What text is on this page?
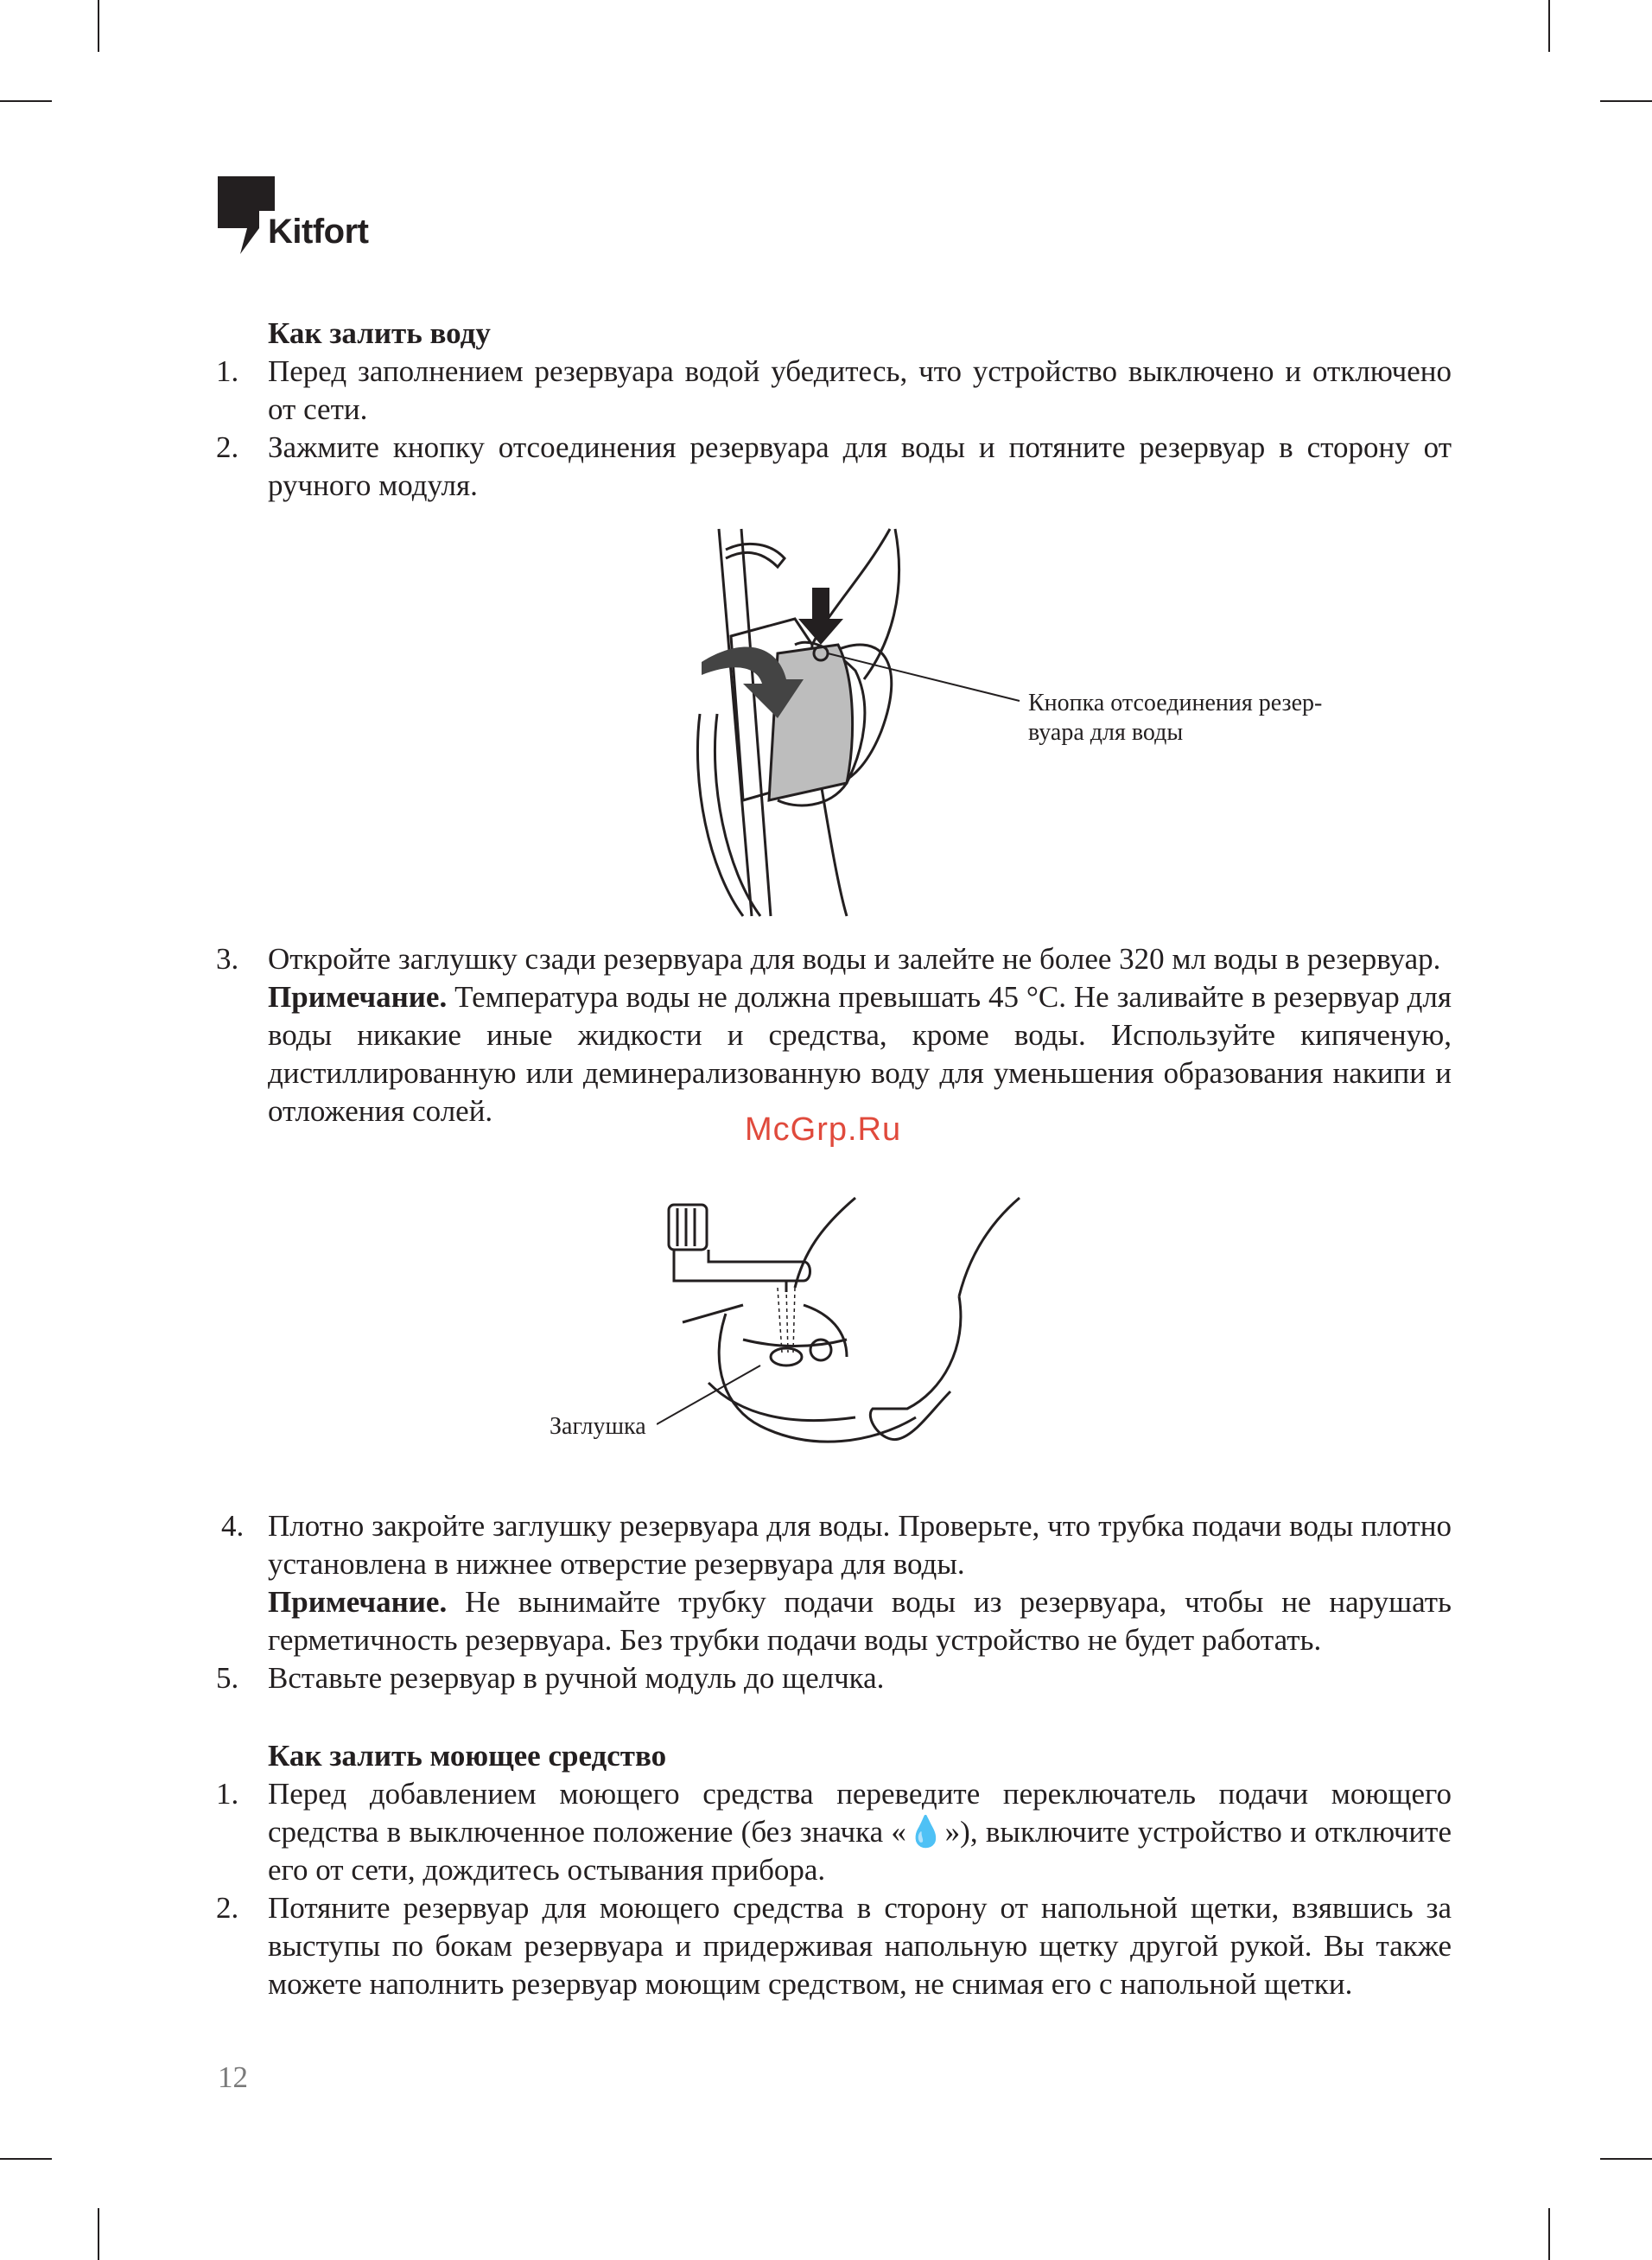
Kitfort
Как залить воду
1. Перед заполнением резервуара водой убедитесь, что устройство выключено и отключено от сети.
2. Зажмите кнопку отсоединения резервуара для воды и потяните резервуар в сторону от ручного модуля.
Кнопка отсоединения резер-
вуара для воды
3. Откройте заглушку сзади резервуара для воды и залейте не более 320 мл воды в резервуар.
Примечание. Температура воды не должна превышать 45 °C. Не заливайте в резервуар для воды никакие иные жидкости и средства, кроме воды. Используйте кипяченую, дистиллированную или деминерализованную воду для уменьшения образования накипи и отложения солей.
McGrp.Ru
Заглушка
4. Плотно закройте заглушку резервуара для воды. Проверьте, что трубка подачи воды плотно установлена в нижнее отверстие резервуара для воды.
Примечание. Не вынимайте трубку подачи воды из резервуара, чтобы не нарушать герметичность резервуара. Без трубки подачи воды устройство не будет работать.
5. Вставьте резервуар в ручной модуль до щелчка.
Как залить моющее средство
1. Перед добавлением моющего средства переведите переключатель подачи моющего средства в выключенное положение (без значка «💧»), выключите устройство и отключите его от сети, дождитесь остывания прибора.
2. Потяните резервуар для моющего средства в сторону от напольной щетки, взявшись за выступы по бокам резервуара и придерживая напольную щетку другой рукой. Вы также можете наполнить резервуар моющим средством, не снимая его с напольной щетки.
12
